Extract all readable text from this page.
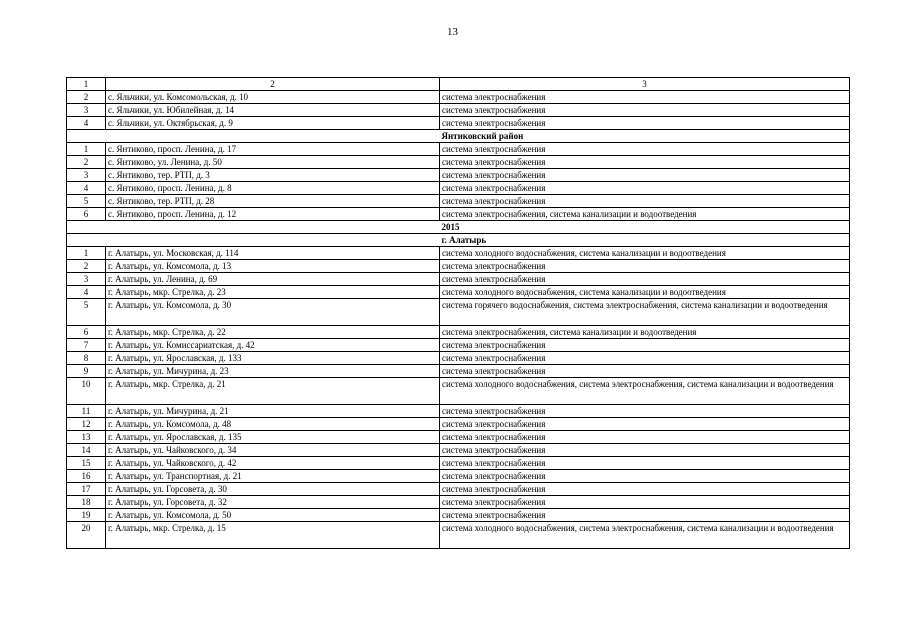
13
1	2	3
2	с. Яльчики, ул. Комсомольская, д. 10	система электроснабжения
3	с. Яльчики, ул. Юбилейная, д. 14	система электроснабжения
4	с. Яльчики, ул. Октябрьская, д. 9	система электроснабжения
		Янтиковский район
1	с. Янтиково, просп. Ленина, д. 17	система электроснабжения
2	с. Янтиково, ул. Ленина, д. 50	система электроснабжения
3	с. Янтиково, тер. РТП, д. 3	система электроснабжения
4	с. Янтиково, просп. Ленина, д. 8	система электроснабжения
5	с. Янтиково, тер. РТП, д. 28	система электроснабжения
6	с. Янтиково, просп. Ленина, д. 12	система электроснабжения, система канализации и водоотведения
		2015
		г. Алатырь
1	г. Алатырь, ул. Московская, д. 114	система холодного водоснабжения, система канализации и водоотведения
2	г. Алатырь, ул. Комсомола, д. 13	система электроснабжения
3	г. Алатырь, ул. Ленина, д. 69	система электроснабжения
4	г. Алатырь, мкр. Стрелка, д. 23	система холодного водоснабжения, система канализации и водоотведения
5	г. Алатырь, ул. Комсомола, д. 30	система горячего водоснабжения, система электроснабжения, система канализации и водоотведения
6	г. Алатырь, мкр. Стрелка, д. 22	система электроснабжения, система канализации и водоотведения
7	г. Алатырь, ул. Комиссариатская, д. 42	система электроснабжения
8	г. Алатырь, ул. Ярославская, д. 133	система электроснабжения
9	г. Алатырь, ул. Мичурина, д. 23	система электроснабжения
10	г. Алатырь, мкр. Стрелка, д. 21	система холодного водоснабжения, система электроснабжения, система канализации и водоотведения
11	г. Алатырь, ул. Мичурина, д. 21	система электроснабжения
12	г. Алатырь, ул. Комсомола, д. 48	система электроснабжения
13	г. Алатырь, ул. Ярославская, д. 135	система электроснабжения
14	г. Алатырь, ул. Чайковского, д. 34	система электроснабжения
15	г. Алатырь, ул. Чайковского, д. 42	система электроснабжения
16	г. Алатырь, ул. Транспортная, д. 21	система электроснабжения
17	г. Алатырь, ул. Горсовета, д. 30	система электроснабжения
18	г. Алатырь, ул. Горсовета, д. 32	система электроснабжения
19	г. Алатырь, ул. Комсомола, д. 50	система электроснабжения
20	г. Алатырь, мкр. Стрелка, д. 15	система холодного водоснабжения, система электроснабжения, система канализации и водоотведения
